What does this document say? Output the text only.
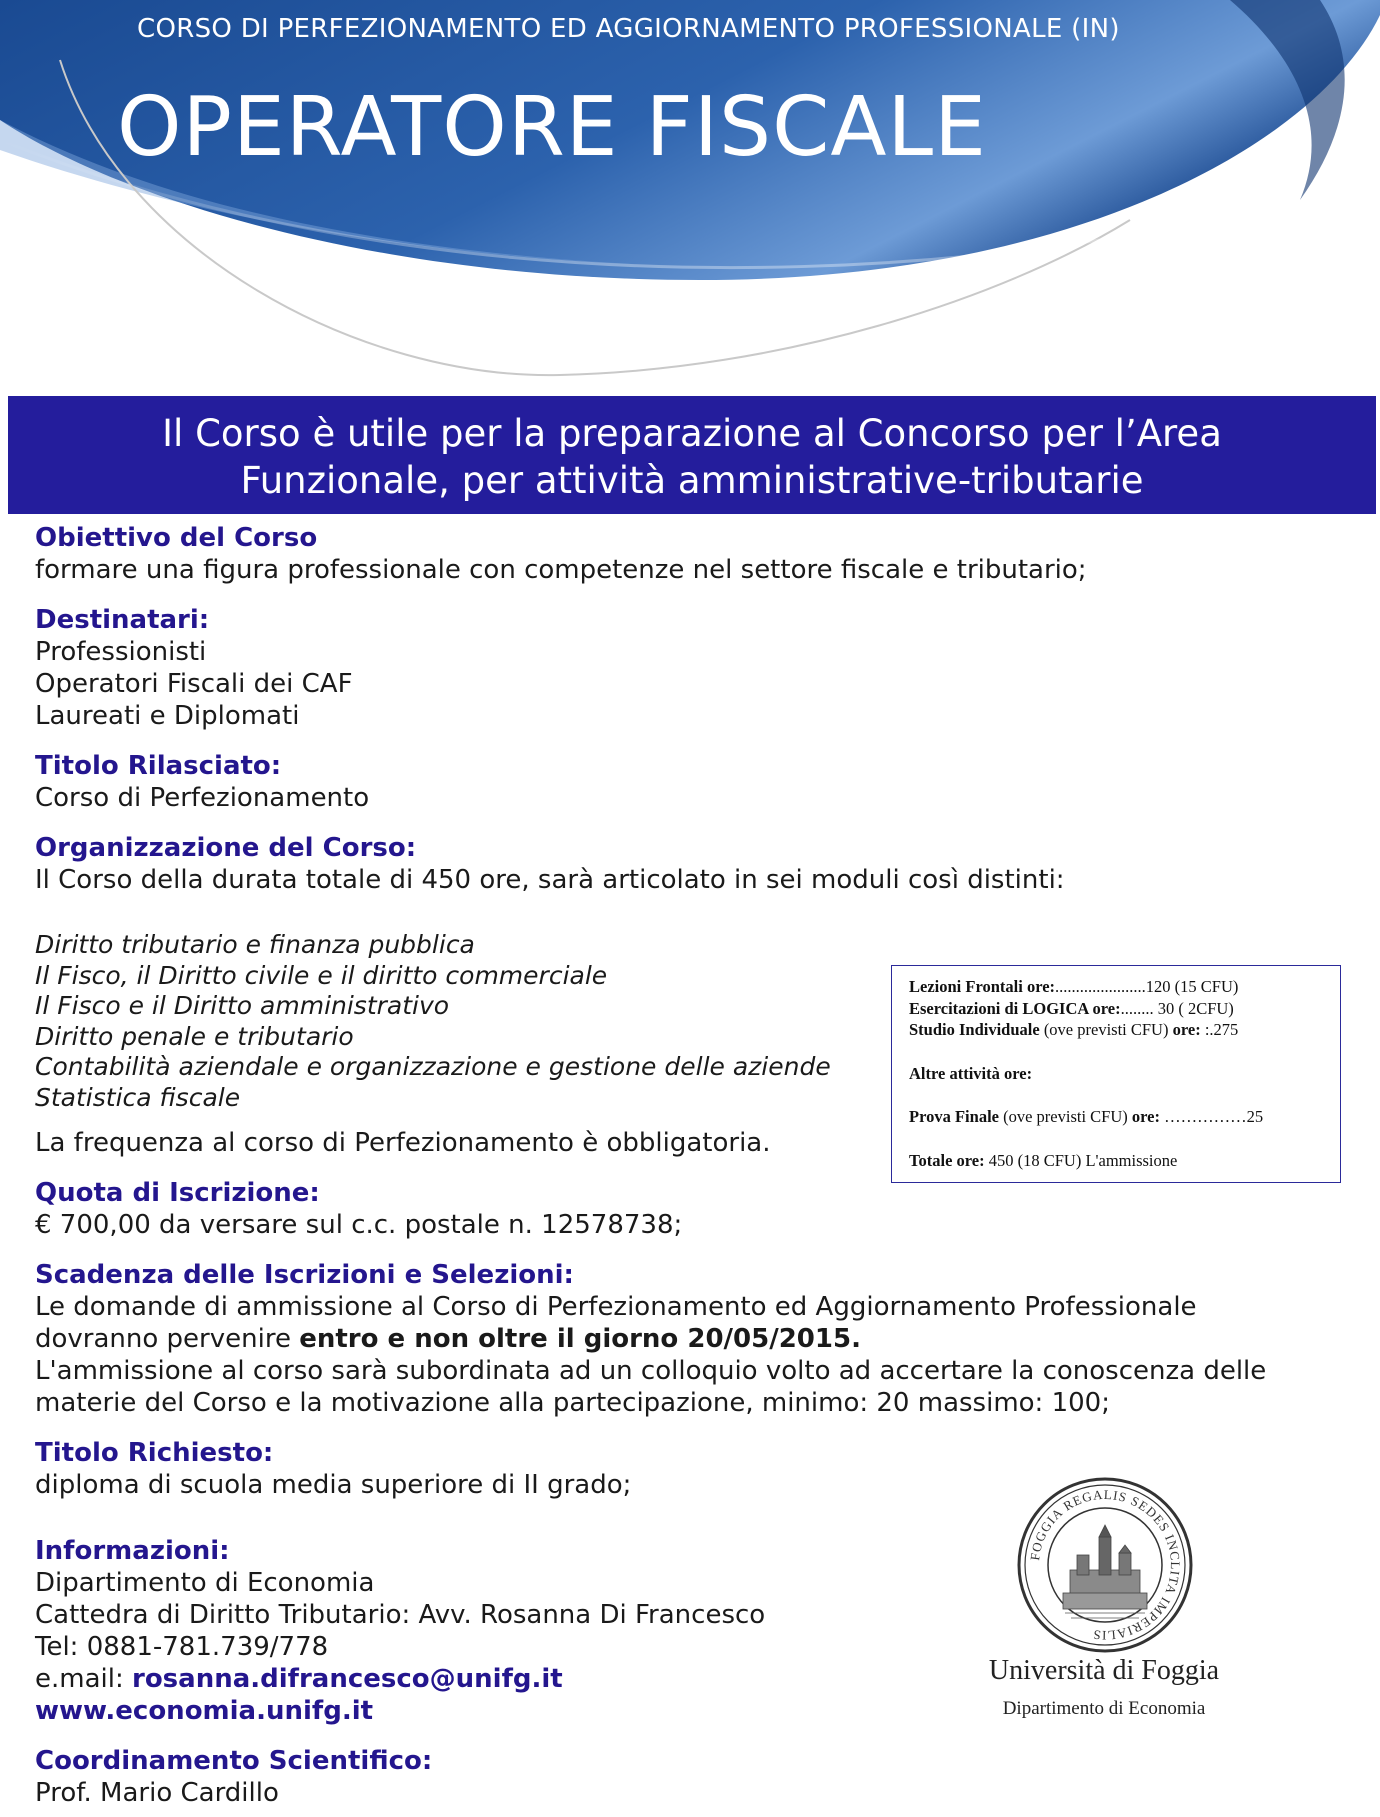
CORSO DI PERFEZIONAMENTO ED AGGIORNAMENTO PROFESSIONALE (IN)
OPERATORE FISCALE
Il Corso è utile per la preparazione al Concorso per l’Area
Funzionale, per attività amministrative-tributarie
Obiettivo del Corso
formare una figura professionale con competenze nel settore fiscale e tributario;
Destinatari:
Professionisti
Operatori Fiscali dei CAF
Laureati e Diplomati
Titolo Rilasciato:
Corso di Perfezionamento
Organizzazione del Corso:
Il Corso della durata totale di 450 ore, sarà articolato in sei moduli così distinti:
Diritto tributario e finanza pubblica
Il Fisco, il Diritto civile e il diritto commerciale
Il Fisco e il Diritto amministrativo
Diritto penale e tributario
Contabilità aziendale e organizzazione e gestione delle aziende
Statistica fiscale
La frequenza al corso di Perfezionamento è obbligatoria.
Quota di Iscrizione:
€ 700,00 da versare sul c.c. postale n. 12578738;
Scadenza delle Iscrizioni e Selezioni:
Le domande di ammissione al Corso di Perfezionamento ed Aggiornamento Professionale
dovranno pervenire entro e non oltre il giorno 20/05/2015.
L'ammissione al corso sarà subordinata ad un colloquio volto ad accertare la conoscenza delle
materie del Corso e la motivazione alla partecipazione, minimo: 20 massimo: 100;
Titolo Richiesto:
diploma di scuola media superiore di II grado;
Informazioni:
Dipartimento di Economia
Cattedra di Diritto Tributario: Avv. Rosanna Di Francesco
Tel: 0881-781.739/778
e.mail: rosanna.difrancesco@unifg.it
www.economia.unifg.it
Coordinamento Scientifico:
Prof. Mario Cardillo
Lezioni Frontali ore:......................120 (15 CFU)
Esercitazioni di LOGICA ore:........ 30 ( 2CFU)
Studio Individuale (ove previsti CFU) ore: :.275
Altre attività ore:
Prova Finale (ove previsti CFU) ore: ……………25
Totale ore: 450 (18 CFU) L'ammissione
FOGGIA REGALIS SEDES INCLITA IMPERIALIS
Università di Foggia
Dipartimento di Economia
